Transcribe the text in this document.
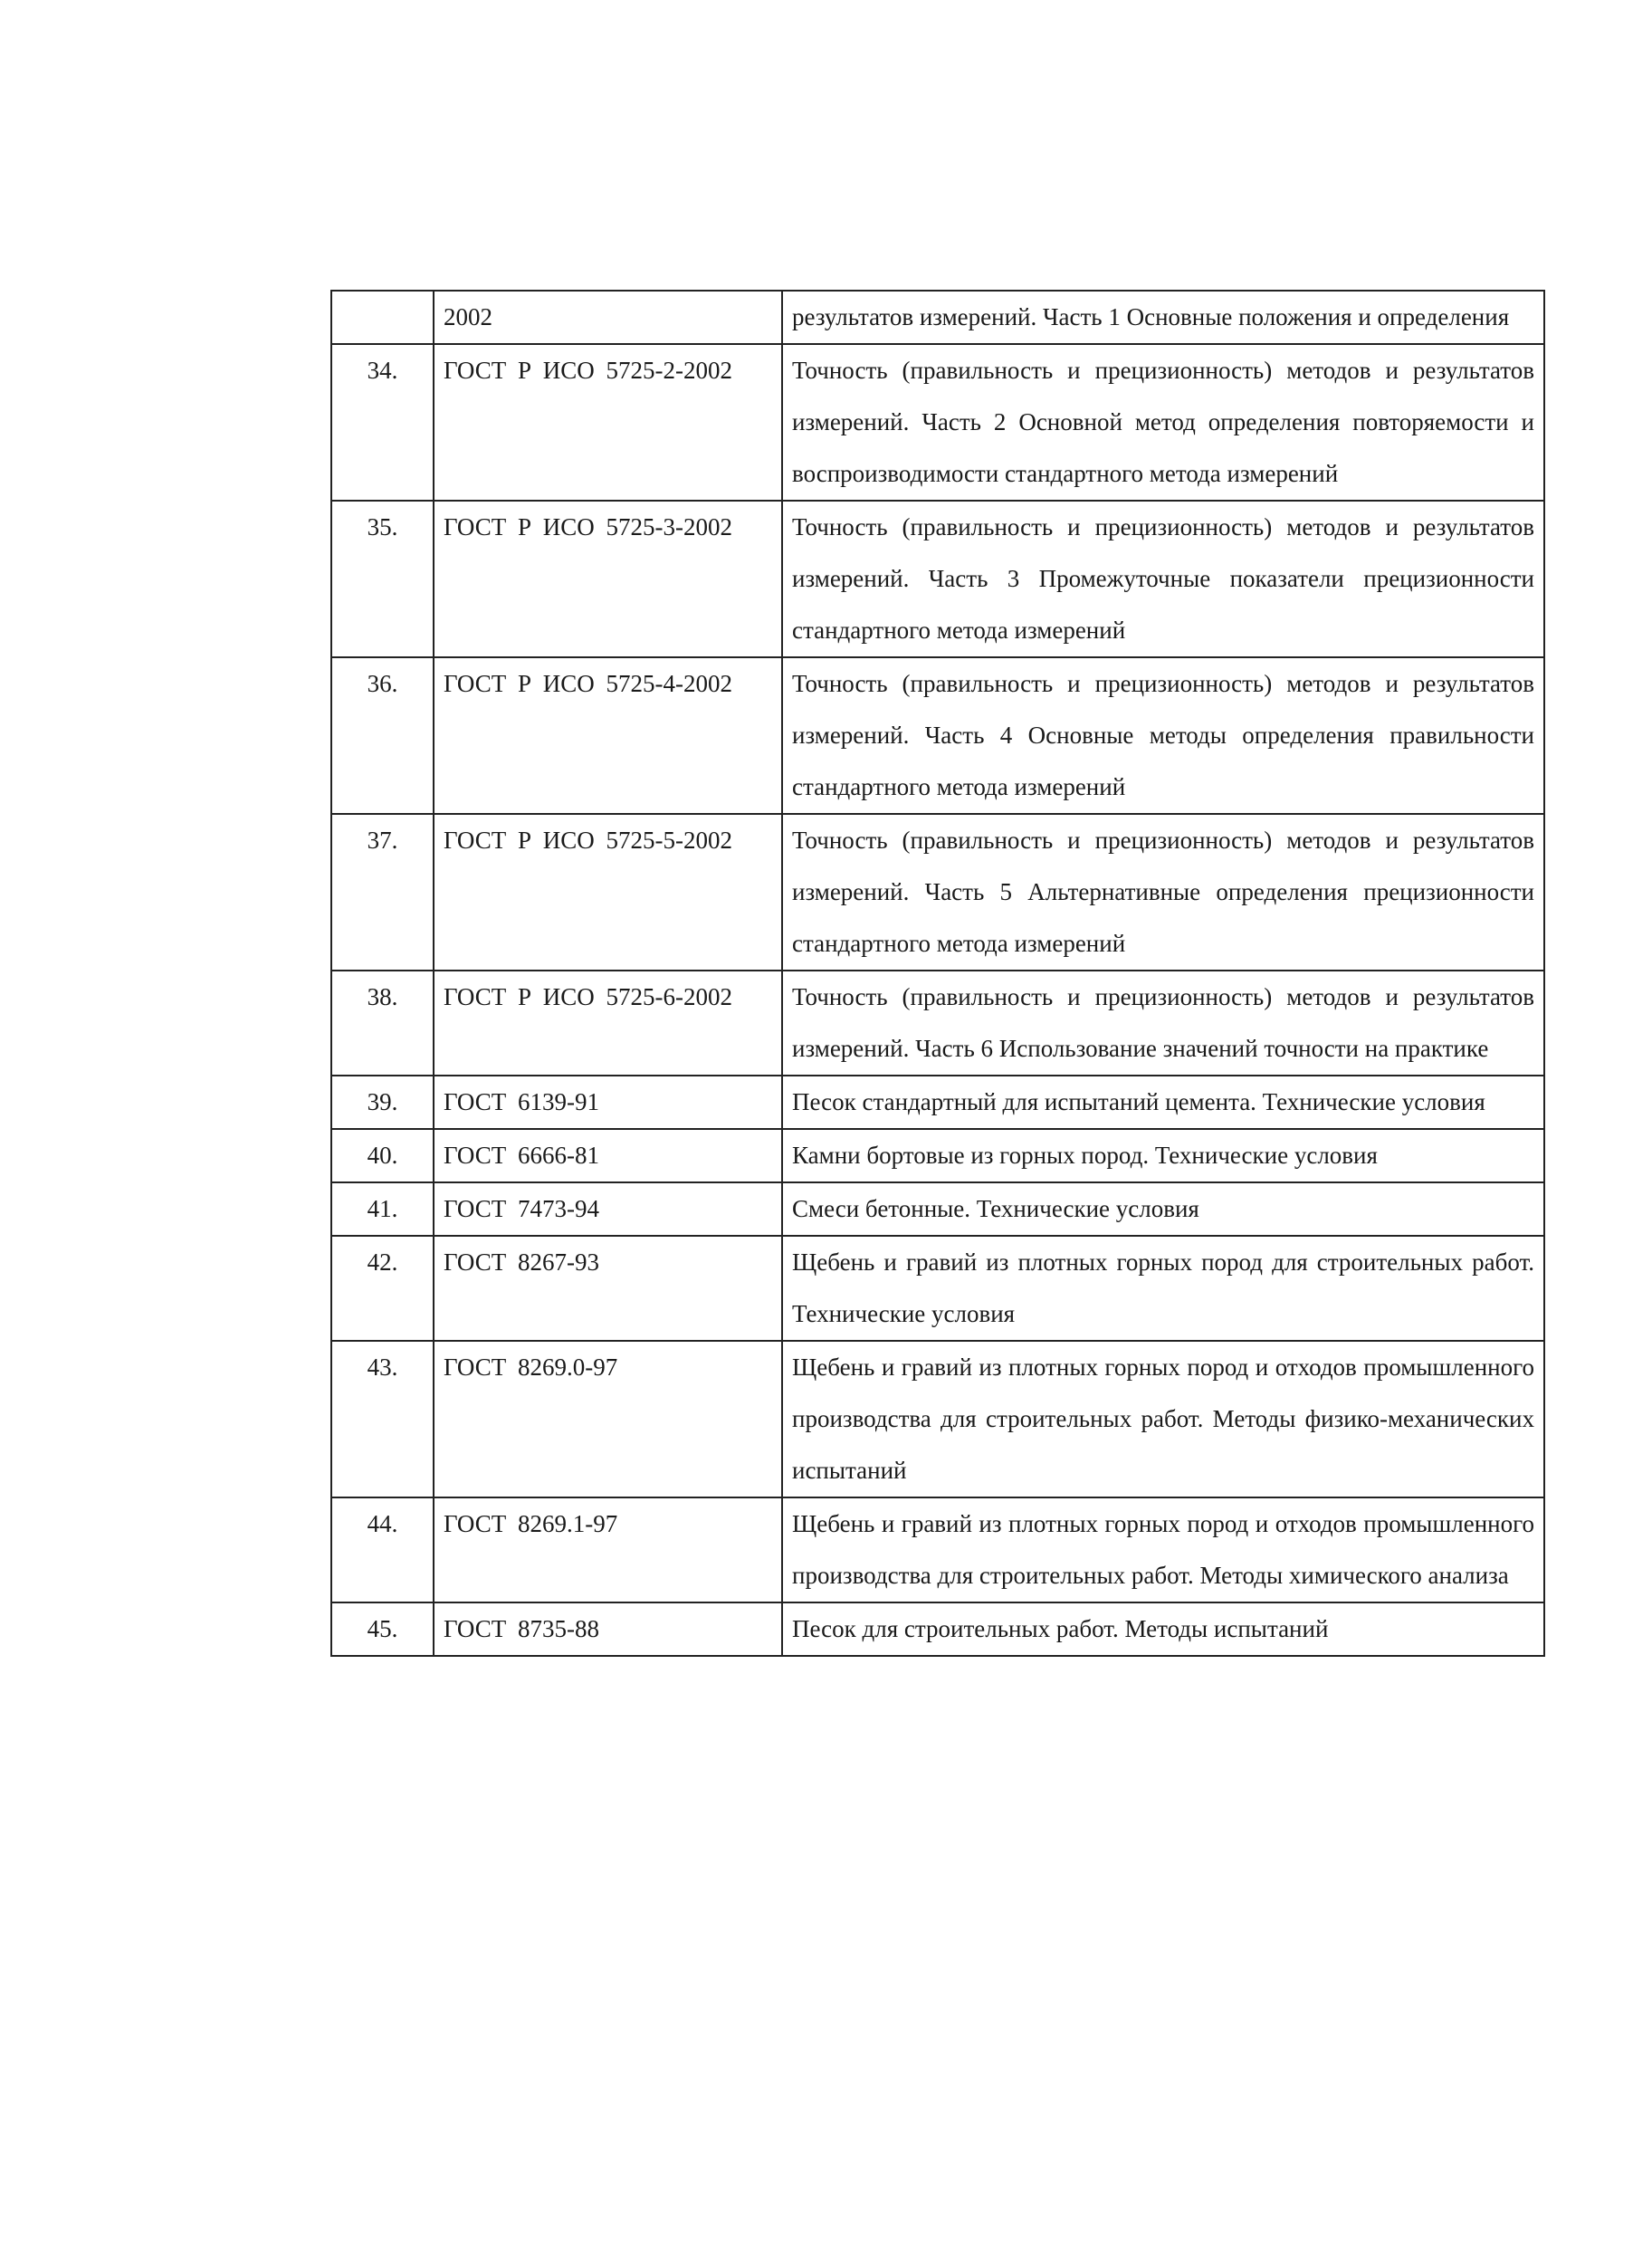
	2002	результатов измерений. Часть 1 Основные положения и определения
34.	ГОСТ Р ИСО 5725-2-2002	Точность (правильность и прецизионность) методов и результатов измерений. Часть 2 Основной метод определения повторяемости и воспроизводимости стандартного метода измерений
35.	ГОСТ Р ИСО 5725-3-2002	Точность (правильность и прецизионность) методов и результатов измерений. Часть 3 Промежуточные показатели прецизионности стандартного метода измерений
36.	ГОСТ Р ИСО 5725-4-2002	Точность (правильность и прецизионность) методов и результатов измерений. Часть 4 Основные методы определения правильности стандартного метода измерений
37.	ГОСТ Р ИСО 5725-5-2002	Точность (правильность и прецизионность) методов и результатов измерений. Часть 5 Альтернативные определения прецизионности стандартного метода измерений
38.	ГОСТ Р ИСО 5725-6-2002	Точность (правильность и прецизионность) методов и результатов измерений. Часть 6 Использование значений точности на практике
39.	ГОСТ 6139-91	Песок стандартный для испытаний цемента. Технические условия
40.	ГОСТ 6666-81	Камни бортовые из горных пород. Технические условия
41.	ГОСТ 7473-94	Смеси бетонные. Технические условия
42.	ГОСТ 8267-93	Щебень и гравий из плотных горных пород для строительных работ. Технические условия
43.	ГОСТ 8269.0-97	Щебень и гравий из плотных горных пород и отходов промышленного производства для строительных работ. Методы физико-механических испытаний
44.	ГОСТ 8269.1-97	Щебень и гравий из плотных горных пород и отходов промышленного производства для строительных работ. Методы химического анализа
45.	ГОСТ 8735-88	Песок для строительных работ. Методы испытаний
